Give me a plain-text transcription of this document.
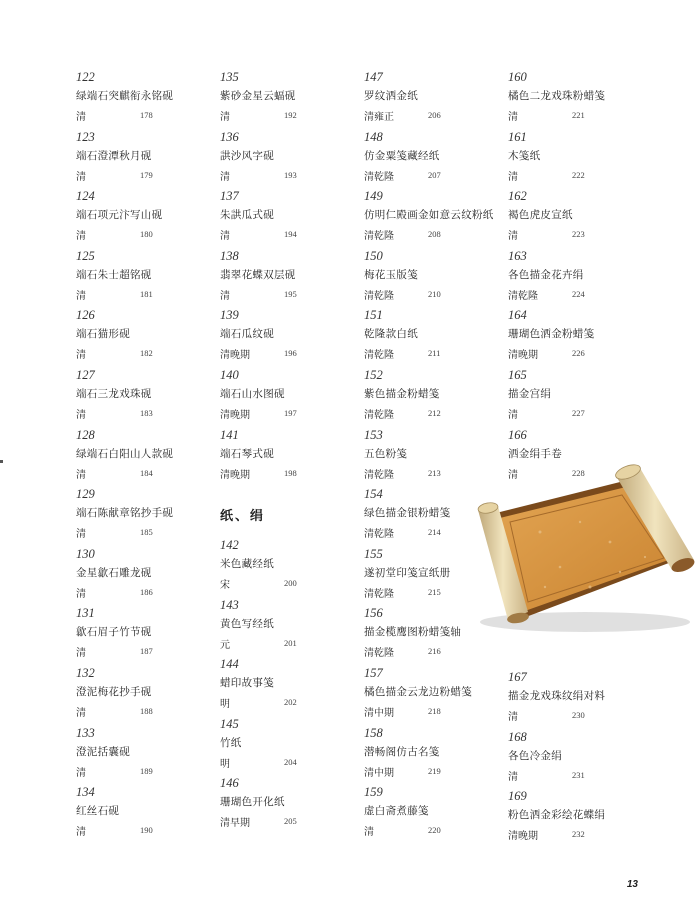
122
绿端石突麒衔永铭砚
清	178
123
端石澄潭秋月砚
清	179
124
端石项元汴写山砚
清	180
125
端石朱士超铭砚
清	181
126
端石猫形砚
清	182
127
端石三龙戏珠砚
清	183
128
绿端石白阳山人款砚
清	184
129
端石陈献章铭抄手砚
清	185
130
金星歙石雕龙砚
清	186
131
歙石眉子竹节砚
清	187
132
澄泥梅花抄手砚
清	188
133
澄泥括囊砚
清	189
134
红丝石砚
清	190
135
紫砂金星云蝠砚
清	192
136
鿁沙风字砚
清	193
137
朱鿁瓜式砚
清	194
138
翡翠花蝶双层砚
清	195
139
端石瓜纹砚
清晚期	196
140
端石山水图砚
清晚期	197
141
端石琴式砚
清晚期	198
纸、绢
142
米色藏经纸
宋	200
143
黄色写经纸
元	201
144
蜡印故事笺
明	202
145
竹纸
明	204
146
珊瑚色开化纸
清早期	205
147
罗纹洒金纸
清雍正	206
148
仿金粟笺藏经纸
清乾隆	207
149
仿明仁殿画金如意云纹粉纸
清乾隆	208
150
梅花玉版笺
清乾隆	210
151
乾隆款白纸
清乾隆	211
152
紫色描金粉蜡笺
清乾隆	212
153
五色粉笺
清乾隆	213
154
绿色描金银粉蜡笺
清乾隆	214
155
遂初堂印笺宣纸册
清乾隆	215
156
描金榄鹰图粉蜡笺轴
清乾隆	216
157
橘色描金云龙边粉蜡笺
清中期	218
158
潜畅阁仿古名笺
清中期	219
159
虚白斋煮藤笺
清	220
160
橘色二龙戏珠粉蜡笺
清	221
161
木笺纸
清	222
162
褐色虎皮宣纸
清	223
163
各色描金花卉绢
清乾隆	224
164
珊瑚色洒金粉蜡笺
清晚期	226
165
描金宫绢
清	227
166
洒金绢手卷
清	228
167
描金龙戏珠纹绢对料
清	230
168
各色冷金绢
清	231
169
粉色洒金彩绘花蝶绢
清晚期	232
13
